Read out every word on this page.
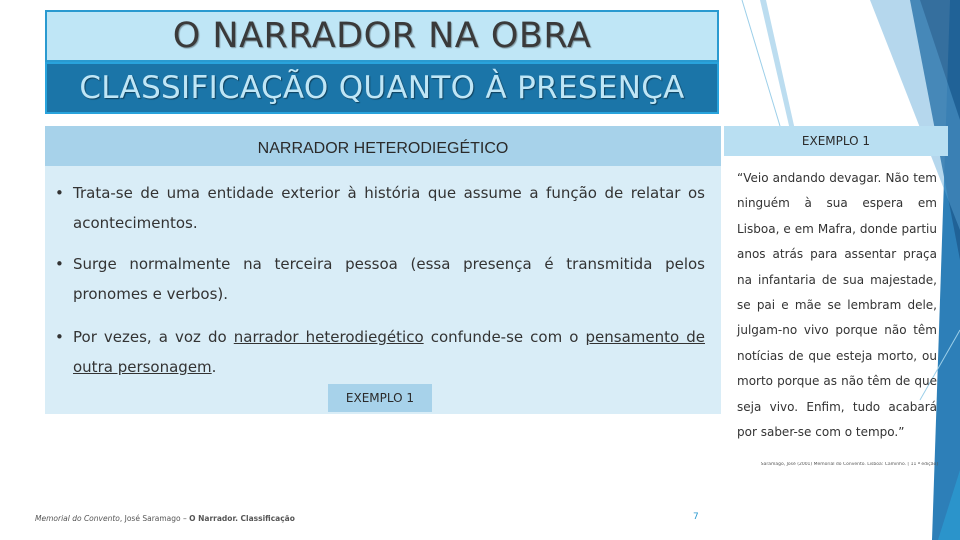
O NARRADOR NA OBRA
CLASSIFICAÇÃO QUANTO À PRESENÇA
NARRADOR HETERODIEGÉTICO
• Trata-se de uma entidade exterior à história que assume a função de relatar os acontecimentos.
• Surge normalmente na terceira pessoa (essa presença é transmitida pelos pronomes e verbos).
• Por vezes, a voz do narrador heterodiegético confunde-se com o pensamento de outra personagem.
EXEMPLO 1
EXEMPLO 1
“Veio andando devagar. Não tem ninguém à sua espera em Lisboa, e em Mafra, donde partiu anos atrás para assentar praça na infantaria de sua majestade, se pai e mãe se lembram dele, julgam-no vivo porque não têm notícias de que esteja morto, ou morto porque as não têm de que seja vivo. Enfim, tudo acabará por saber-se com o tempo.”
Saramago, José (2001) Memorial do Convento. Lisboa: Caminho. [ 11 ª edição]
Memorial do Convento, José Saramago – O Narrador. Classificação	7
